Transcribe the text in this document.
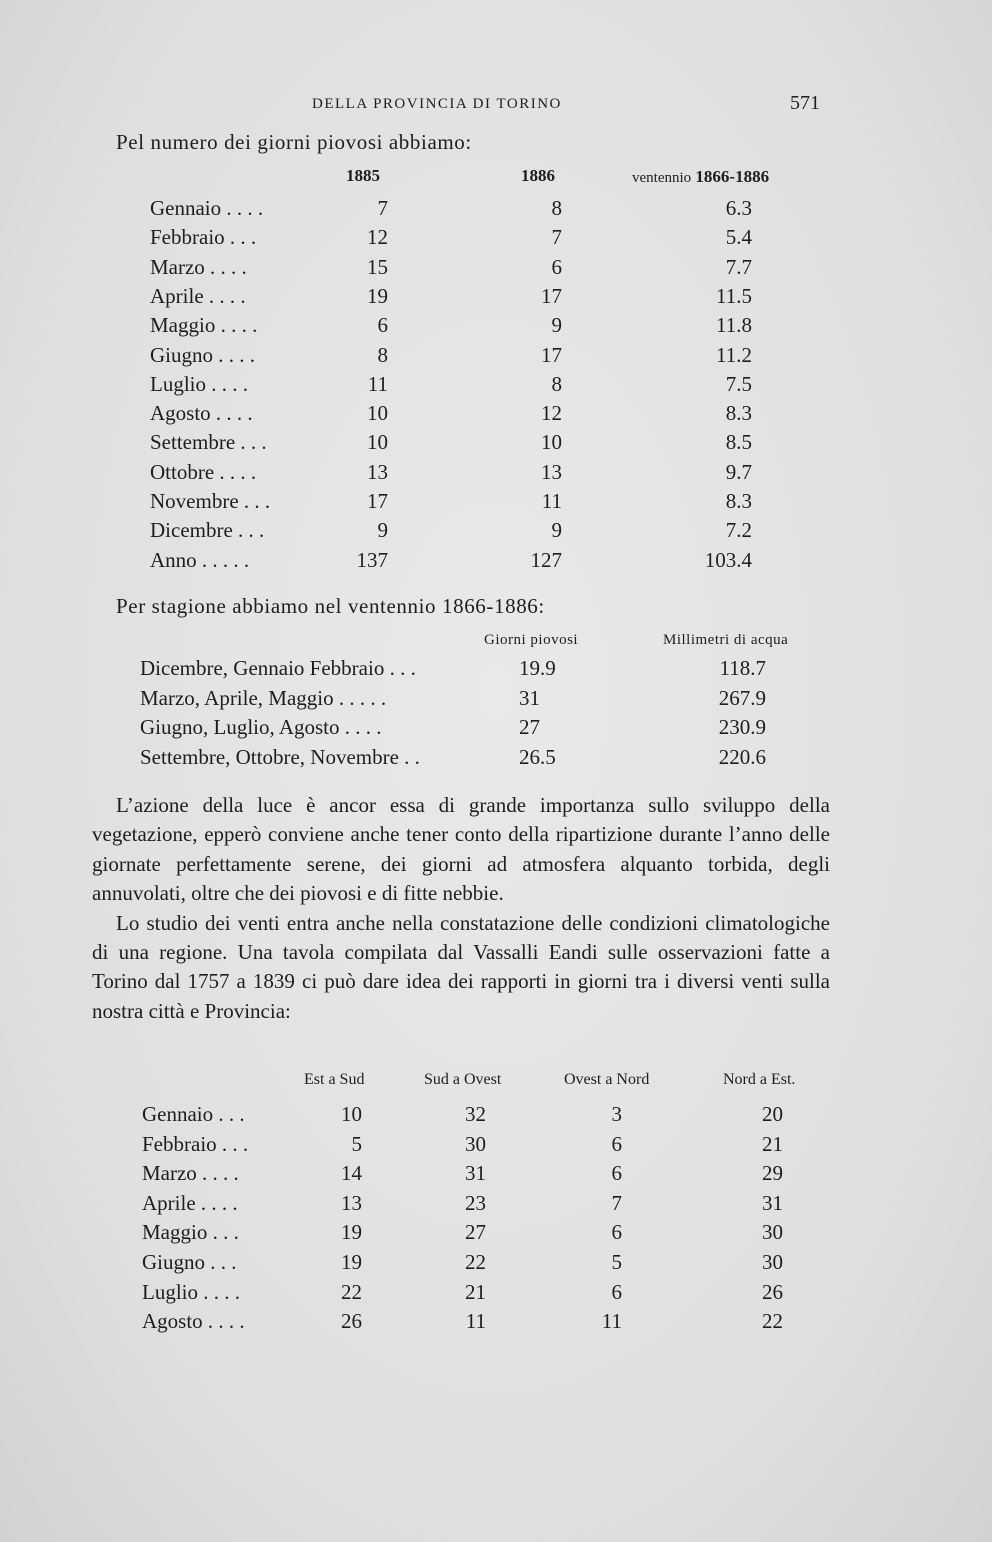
DELLA PROVINCIA DI TORINO	571
Pel numero dei giorni piovosi abbiamo:
1885	1886	ventennio 1866-1886
Gennaio . . . .	7	8	6.3
Febbraio . . .	12	7	5.4
Marzo . . . .	15	6	7.7
Aprile . . . .	19	17	11.5
Maggio . . . .	6	9	11.8
Giugno . . . .	8	17	11.2
Luglio . . . .	11	8	7.5
Agosto . . . .	10	12	8.3
Settembre . . .	10	10	8.5
Ottobre . . . .	13	13	9.7
Novembre . . .	17	11	8.3
Dicembre . . .	9	9	7.2
Anno . . . . .	137	127	103.4
Per stagione abbiamo nel ventennio 1866-1886:
Giorni piovosi	Millimetri di acqua
Dicembre, Gennaio Febbraio . . .	19.9	118.7
Marzo, Aprile, Maggio . . . . .	31	267.9
Giugno, Luglio, Agosto . . . .	27	230.9
Settembre, Ottobre, Novembre . .	26.5	220.6

L’azione della luce è ancor essa di grande importanza sullo sviluppo della vegetazione, epperò conviene anche tener conto della ripartizione durante l’anno delle giornate perfettamente serene, dei giorni ad atmosfera alquanto torbida, degli annuvolati, oltre che dei piovosi e di fitte nebbie.

Lo studio dei venti entra anche nella constatazione delle condizioni climatologiche di una regione. Una tavola compilata dal Vassalli Eandi sulle osservazioni fatte a Torino dal 1757 a 1839 ci può dare idea dei rapporti in giorni tra i diversi venti sulla nostra città e Provincia:

Est a Sud	Sud a Ovest	Ovest a Nord	Nord a Est.
Gennaio . . .	10	32	3	20
Febbraio . . .	5	30	6	21
Marzo . . . .	14	31	6	29
Aprile . . . .	13	23	7	31
Maggio . . .	19	27	6	30
Giugno . . .	19	22	5	30
Luglio . . . .	22	21	6	26
Agosto . . . .	26	11	11	22
